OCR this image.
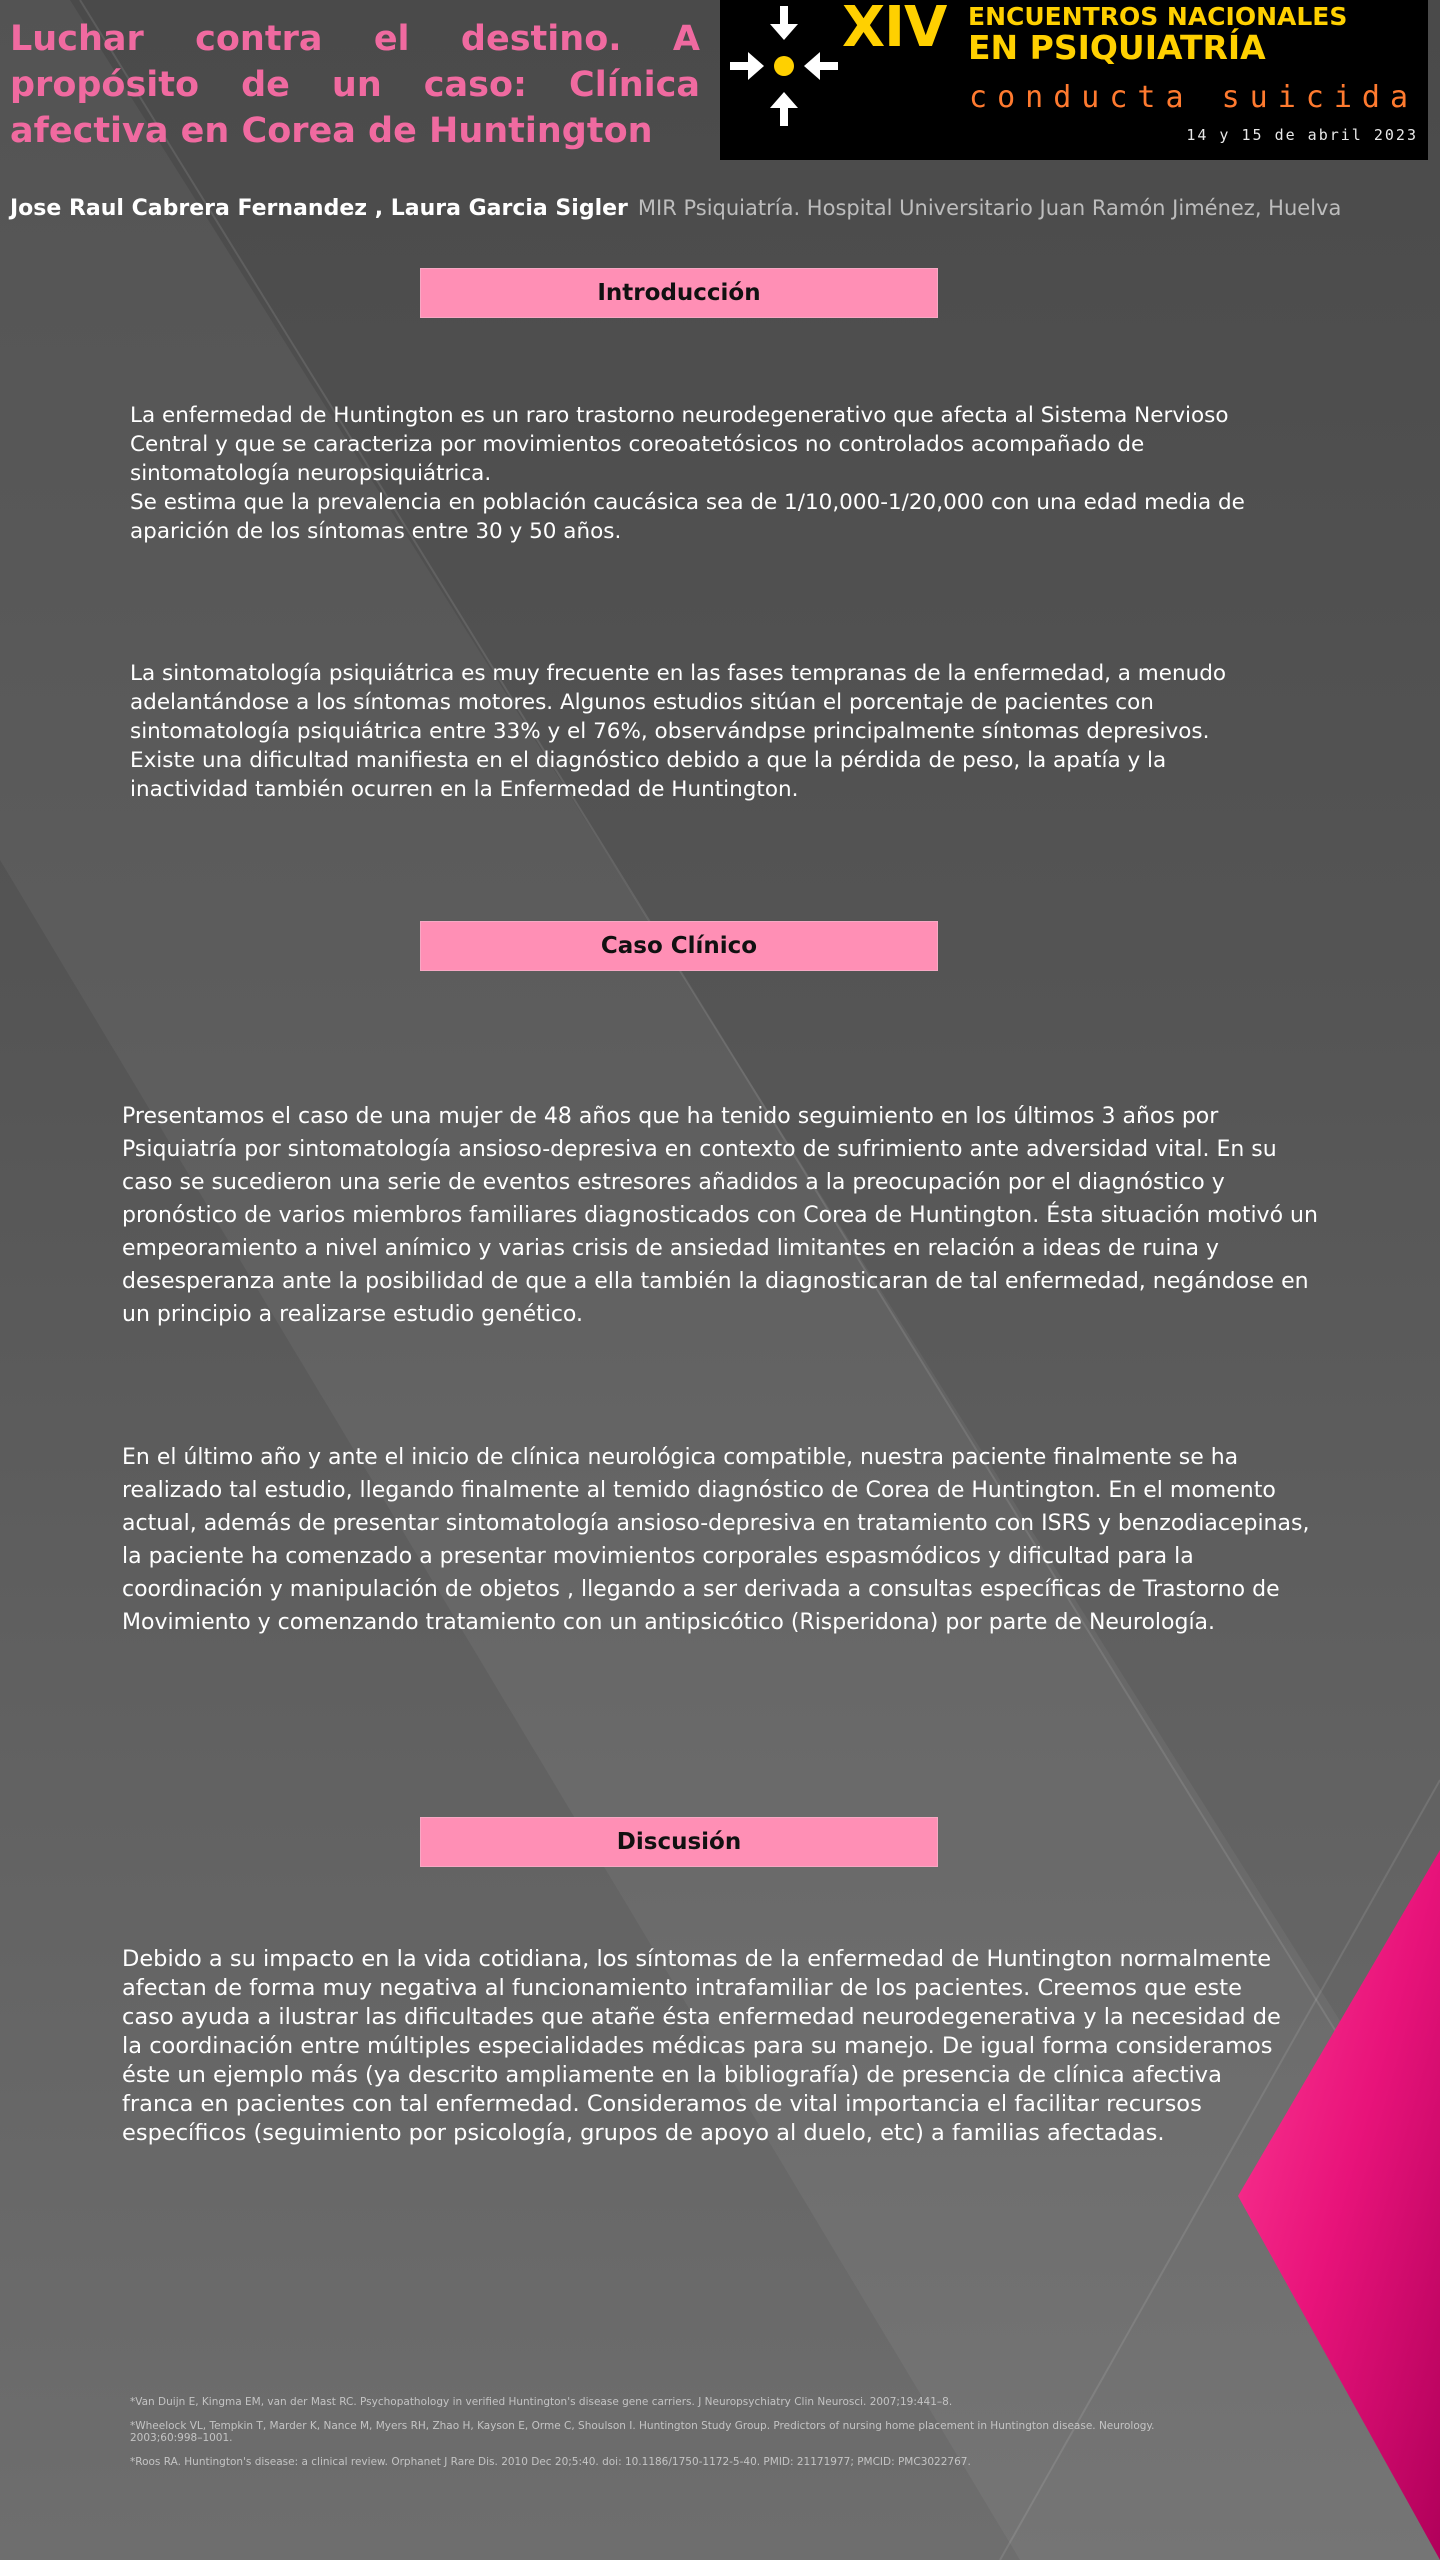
Luchar contra el destino. A propósito de un caso: Clínica afectiva en Corea de Huntington
XIV ENCUENTROS NACIONALES
EN PSIQUIATRÍA
conducta suicida
14 y 15 de abril 2023
Jose Raul Cabrera Fernandez , Laura Garcia Sigler MIR Psiquiatría. Hospital Universitario Juan Ramón Jiménez, Huelva
Introducción
La enfermedad de Huntington es un raro trastorno neurodegenerativo que afecta al Sistema Nervioso Central y que se caracteriza por movimientos coreoatetósicos no controlados acompañado de sintomatología neuropsiquiátrica.
Se estima que la prevalencia en población caucásica sea de 1/10,000-1/20,000 con una edad media de aparición de los síntomas entre 30 y 50 años.
La sintomatología psiquiátrica es muy frecuente en las fases tempranas de la enfermedad, a menudo adelantándose a los síntomas motores. Algunos estudios sitúan el porcentaje de pacientes con sintomatología psiquiátrica entre 33% y el 76%, observándpse principalmente síntomas depresivos. Existe una dificultad manifiesta en el diagnóstico debido a que la pérdida de peso, la apatía y la inactividad también ocurren en la Enfermedad de Huntington.
Caso Clínico
Presentamos el caso de una mujer de 48 años que ha tenido seguimiento en los últimos 3 años por Psiquiatría por sintomatología ansioso-depresiva en contexto de sufrimiento ante adversidad vital. En su caso se sucedieron una serie de eventos estresores añadidos a la preocupación por el diagnóstico y pronóstico de varios miembros familiares diagnosticados con Corea de Huntington. Ésta situación motivó un empeoramiento a nivel anímico y varias crisis de ansiedad limitantes en relación a ideas de ruina y desesperanza ante la posibilidad de que a ella también la diagnosticaran de tal enfermedad, negándose en un principio a realizarse estudio genético.
En el último año y ante el inicio de clínica neurológica compatible, nuestra paciente finalmente se ha realizado tal estudio, llegando finalmente al temido diagnóstico de Corea de Huntington. En el momento actual, además de presentar sintomatología ansioso-depresiva en tratamiento con ISRS y benzodiacepinas, la paciente ha comenzado a presentar movimientos corporales espasmódicos y dificultad para la coordinación y manipulación de objetos , llegando a ser derivada a consultas específicas de Trastorno de Movimiento y comenzando tratamiento con un antipsicótico (Risperidona) por parte de Neurología.
Discusión
Debido a su impacto en la vida cotidiana, los síntomas de la enfermedad de Huntington normalmente afectan de forma muy negativa al funcionamiento intrafamiliar de los pacientes. Creemos que este caso ayuda a ilustrar las dificultades que atañe ésta enfermedad neurodegenerativa y la necesidad de la coordinación entre múltiples especialidades médicas para su manejo. De igual forma consideramos éste un ejemplo más (ya descrito ampliamente en la bibliografía) de presencia de clínica afectiva franca en pacientes con tal enfermedad. Consideramos de vital importancia el facilitar recursos específicos (seguimiento por psicología, grupos de apoyo al duelo, etc) a familias afectadas.
*Van Duijn E, Kingma EM, van der Mast RC. Psychopathology in verified Huntington's disease gene carriers. J Neuropsychiatry Clin Neurosci. 2007;19:441–8.
*Wheelock VL, Tempkin T, Marder K, Nance M, Myers RH, Zhao H, Kayson E, Orme C, Shoulson I. Huntington Study Group. Predictors of nursing home placement in Huntington disease. Neurology. 2003;60:998–1001.
*Roos RA. Huntington's disease: a clinical review. Orphanet J Rare Dis. 2010 Dec 20;5:40. doi: 10.1186/1750-1172-5-40. PMID: 21171977; PMCID: PMC3022767.
